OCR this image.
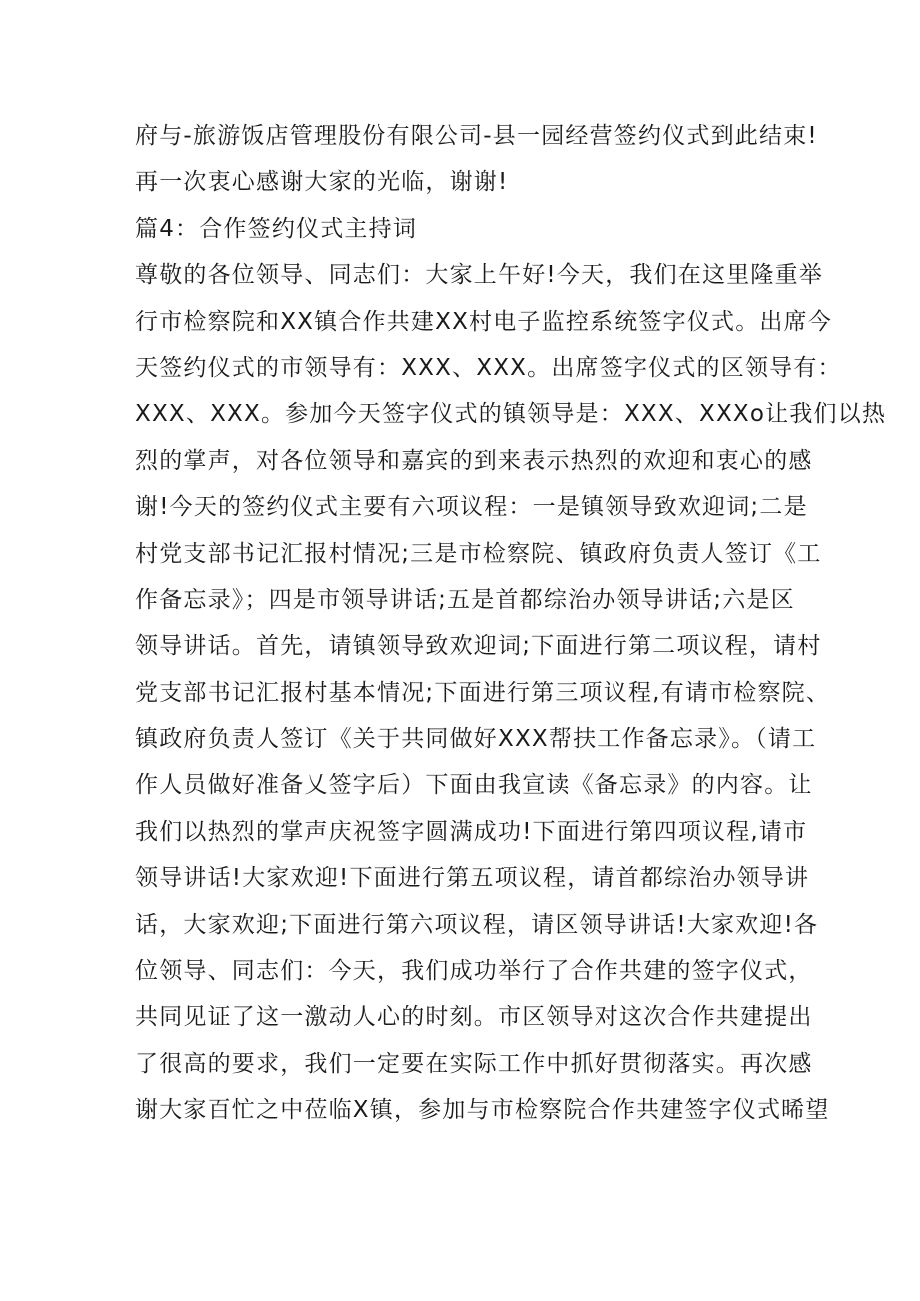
府与-旅游饭店管理股份有限公司-县一园经营签约仪式到此结束!
再一次衷心感谢大家的光临，谢谢!
篇4：合作签约仪式主持词
尊敬的各位领导、同志们：大家上午好!今天，我们在这里隆重举
行市检察院和XX镇合作共建XX村电子监控系统签字仪式。出席今
天签约仪式的市领导有：XXX、XXX。出席签字仪式的区领导有：
XXX、XXX。参加今天签字仪式的镇领导是：XXX、XXXo让我们以热
烈的掌声，对各位领导和嘉宾的到来表示热烈的欢迎和衷心的感
谢!今天的签约仪式主要有六项议程：一是镇领导致欢迎词;二是
村党支部书记汇报村情况;三是市检察院、镇政府负责人签订《工
作备忘录》；四是市领导讲话;五是首都综治办领导讲话;六是区
领导讲话。首先，请镇领导致欢迎词;下面进行第二项议程，请村
党支部书记汇报村基本情况;下面进行第三项议程,有请市检察院、
镇政府负责人签订《关于共同做好XXX帮扶工作备忘录》。（请工
作人员做好准备乂签字后）下面由我宣读《备忘录》的内容。让
我们以热烈的掌声庆祝签字圆满成功!下面进行第四项议程,请市
领导讲话!大家欢迎!下面进行第五项议程，请首都综治办领导讲
话，大家欢迎;下面进行第六项议程，请区领导讲话!大家欢迎!各
位领导、同志们：今天，我们成功举行了合作共建的签字仪式，
共同见证了这一激动人心的时刻。市区领导对这次合作共建提出
了很高的要求，我们一定要在实际工作中抓好贯彻落实。再次感
谢大家百忙之中莅临X镇，参加与市检察院合作共建签字仪式晞望
